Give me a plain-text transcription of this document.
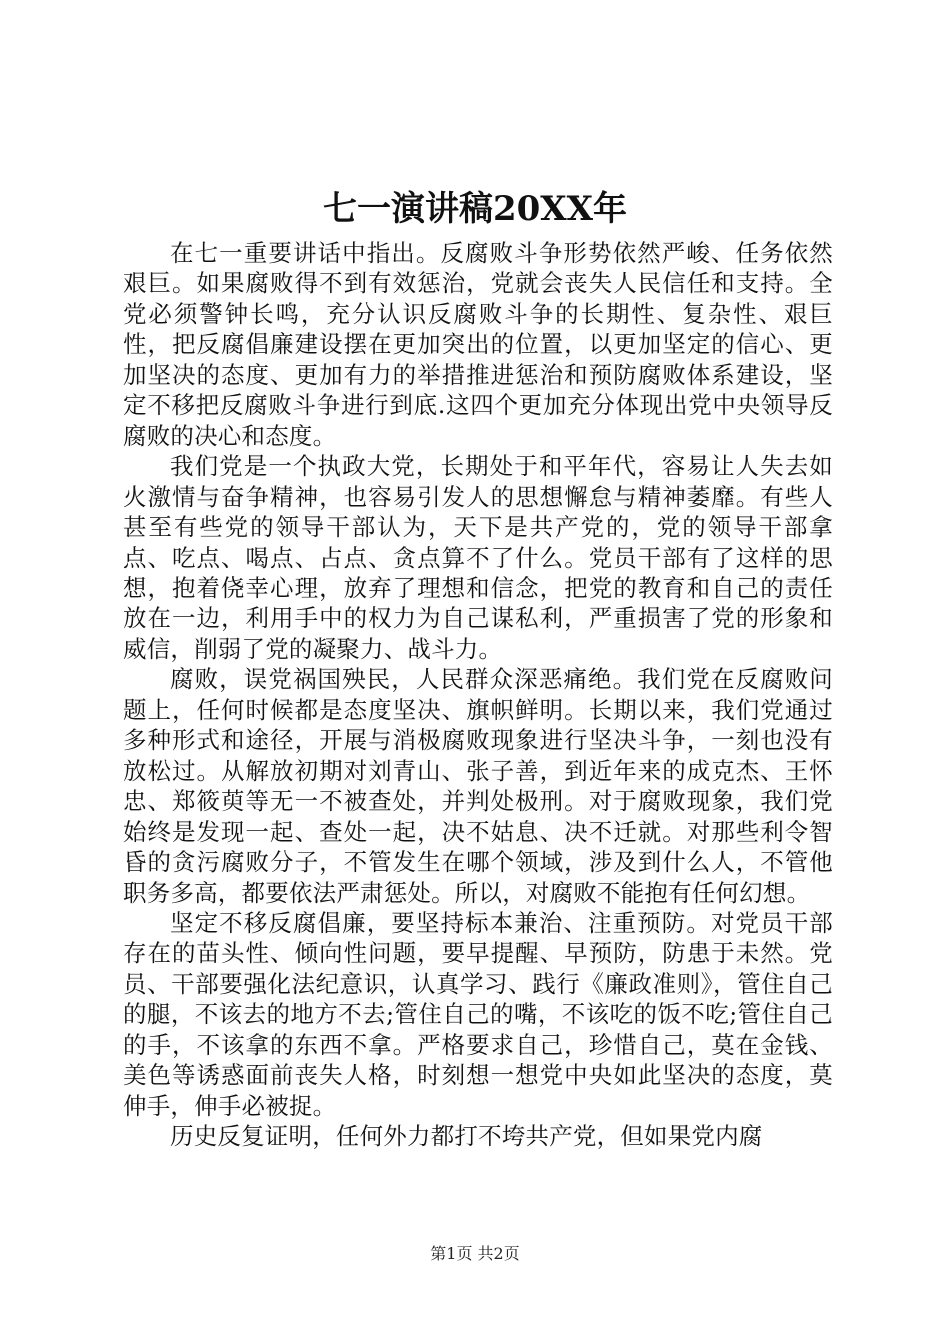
七一演讲稿20XX年

在七一重要讲话中指出。反腐败斗争形势依然严峻、任务依然艰巨。如果腐败得不到有效惩治，党就会丧失人民信任和支持。全党必须警钟长鸣，充分认识反腐败斗争的长期性、复杂性、艰巨性，把反腐倡廉建设摆在更加突出的位置，以更加坚定的信心、更加坚决的态度、更加有力的举措推进惩治和预防腐败体系建设，坚定不移把反腐败斗争进行到底.这四个更加充分体现出党中央领导反腐败的决心和态度。

我们党是一个执政大党，长期处于和平年代，容易让人失去如火激情与奋争精神，也容易引发人的思想懈怠与精神萎靡。有些人甚至有些党的领导干部认为，天下是共产党的，党的领导干部拿点、吃点、喝点、占点、贪点算不了什么。党员干部有了这样的思想，抱着侥幸心理，放弃了理想和信念，把党的教育和自己的责任放在一边，利用手中的权力为自己谋私利，严重损害了党的形象和威信，削弱了党的凝聚力、战斗力。

腐败，误党祸国殃民，人民群众深恶痛绝。我们党在反腐败问题上，任何时候都是态度坚决、旗帜鲜明。长期以来，我们党通过多种形式和途径，开展与消极腐败现象进行坚决斗争，一刻也没有放松过。从解放初期对刘青山、张子善，到近年来的成克杰、王怀忠、郑筱萸等无一不被查处，并判处极刑。对于腐败现象，我们党始终是发现一起、查处一起，决不姑息、决不迁就。对那些利令智昏的贪污腐败分子，不管发生在哪个领域，涉及到什么人，不管他职务多高，都要依法严肃惩处。所以，对腐败不能抱有任何幻想。

坚定不移反腐倡廉，要坚持标本兼治、注重预防。对党员干部存在的苗头性、倾向性问题，要早提醒、早预防，防患于未然。党员、干部要强化法纪意识，认真学习、践行《廉政准则》，管住自己的腿，不该去的地方不去;管住自己的嘴，不该吃的饭不吃;管住自己的手，不该拿的东西不拿。严格要求自己，珍惜自己，莫在金钱、美色等诱惑面前丧失人格，时刻想一想党中央如此坚决的态度，莫伸手，伸手必被捉。

历史反复证明，任何外力都打不垮共产党，但如果党内腐

第1页 共2页
